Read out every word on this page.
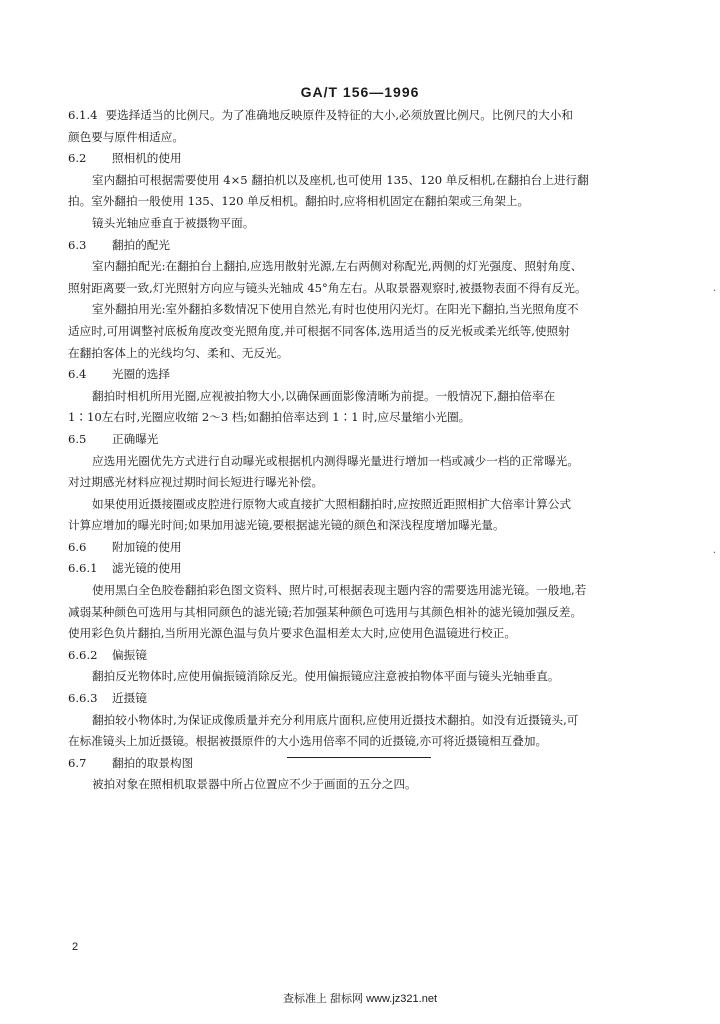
GA/T 156—1996
6.1.4 要选择适当的比例尺。为了准确地反映原件及特征的大小,必须放置比例尺。比例尺的大小和
颜色要与原件相适应。
6.2 照相机的使用
室内翻拍可根据需要使用 4×5 翻拍机以及座机,也可使用 135、120 单反相机,在翻拍台上进行翻
拍。室外翻拍一般使用 135、120 单反相机。翻拍时,应将相机固定在翻拍架或三角架上。
镜头光轴应垂直于被摄物平面。
6.3 翻拍的配光
室内翻拍配光:在翻拍台上翻拍,应选用散射光源,左右两侧对称配光,两侧的灯光强度、照射角度、
照射距离要一致,灯光照射方向应与镜头光轴成 45°角左右。从取景器观察时,被摄物表面不得有反光。
室外翻拍用光:室外翻拍多数情况下使用自然光,有时也使用闪光灯。在阳光下翻拍,当光照角度不
适应时,可用调整衬底板角度改变光照角度,并可根据不同客体,选用适当的反光板或柔光纸等,使照射
在翻拍客体上的光线均匀、柔和、无反光。
6.4 光圈的选择
翻拍时相机所用光圈,应视被拍物大小,以确保画面影像清晰为前提。一般情况下,翻拍倍率在
1∶10左右时,光圈应收缩 2～3 档;如翻拍倍率达到 1∶1 时,应尽量缩小光圈。
6.5 正确曝光
应选用光圈优先方式进行自动曝光或根据机内测得曝光量进行增加一档或减少一档的正常曝光。
对过期感光材料应视过期时间长短进行曝光补偿。
如果使用近摄接圈或皮腔进行原物大或直接扩大照相翻拍时,应按照近距照相扩大倍率计算公式
计算应增加的曝光时间;如果加用滤光镜,要根据滤光镜的颜色和深浅程度增加曝光量。
6.6 附加镜的使用
6.6.1 滤光镜的使用
使用黑白全色胶卷翻拍彩色图文资料、照片时,可根据表现主题内容的需要选用滤光镜。一般地,若
减弱某种颜色可选用与其相同颜色的滤光镜;若加强某种颜色可选用与其颜色相补的滤光镜加强反差。
使用彩色负片翻拍,当所用光源色温与负片要求色温相差太大时,应使用色温镜进行校正。
6.6.2 偏振镜
翻拍反光物体时,应使用偏振镜消除反光。使用偏振镜应注意被拍物体平面与镜头光轴垂直。
6.6.3 近摄镜
翻拍较小物体时,为保证成像质量并充分利用底片面积,应使用近摄技术翻拍。如没有近摄镜头,可
在标准镜头上加近摄镜。根据被摄原件的大小选用倍率不同的近摄镜,亦可将近摄镜相互叠加。
6.7 翻拍的取景构图
被拍对象在照相机取景器中所占位置应不少于画面的五分之四。
2
查标准上 甜标网 www.jz321.net
·
·
